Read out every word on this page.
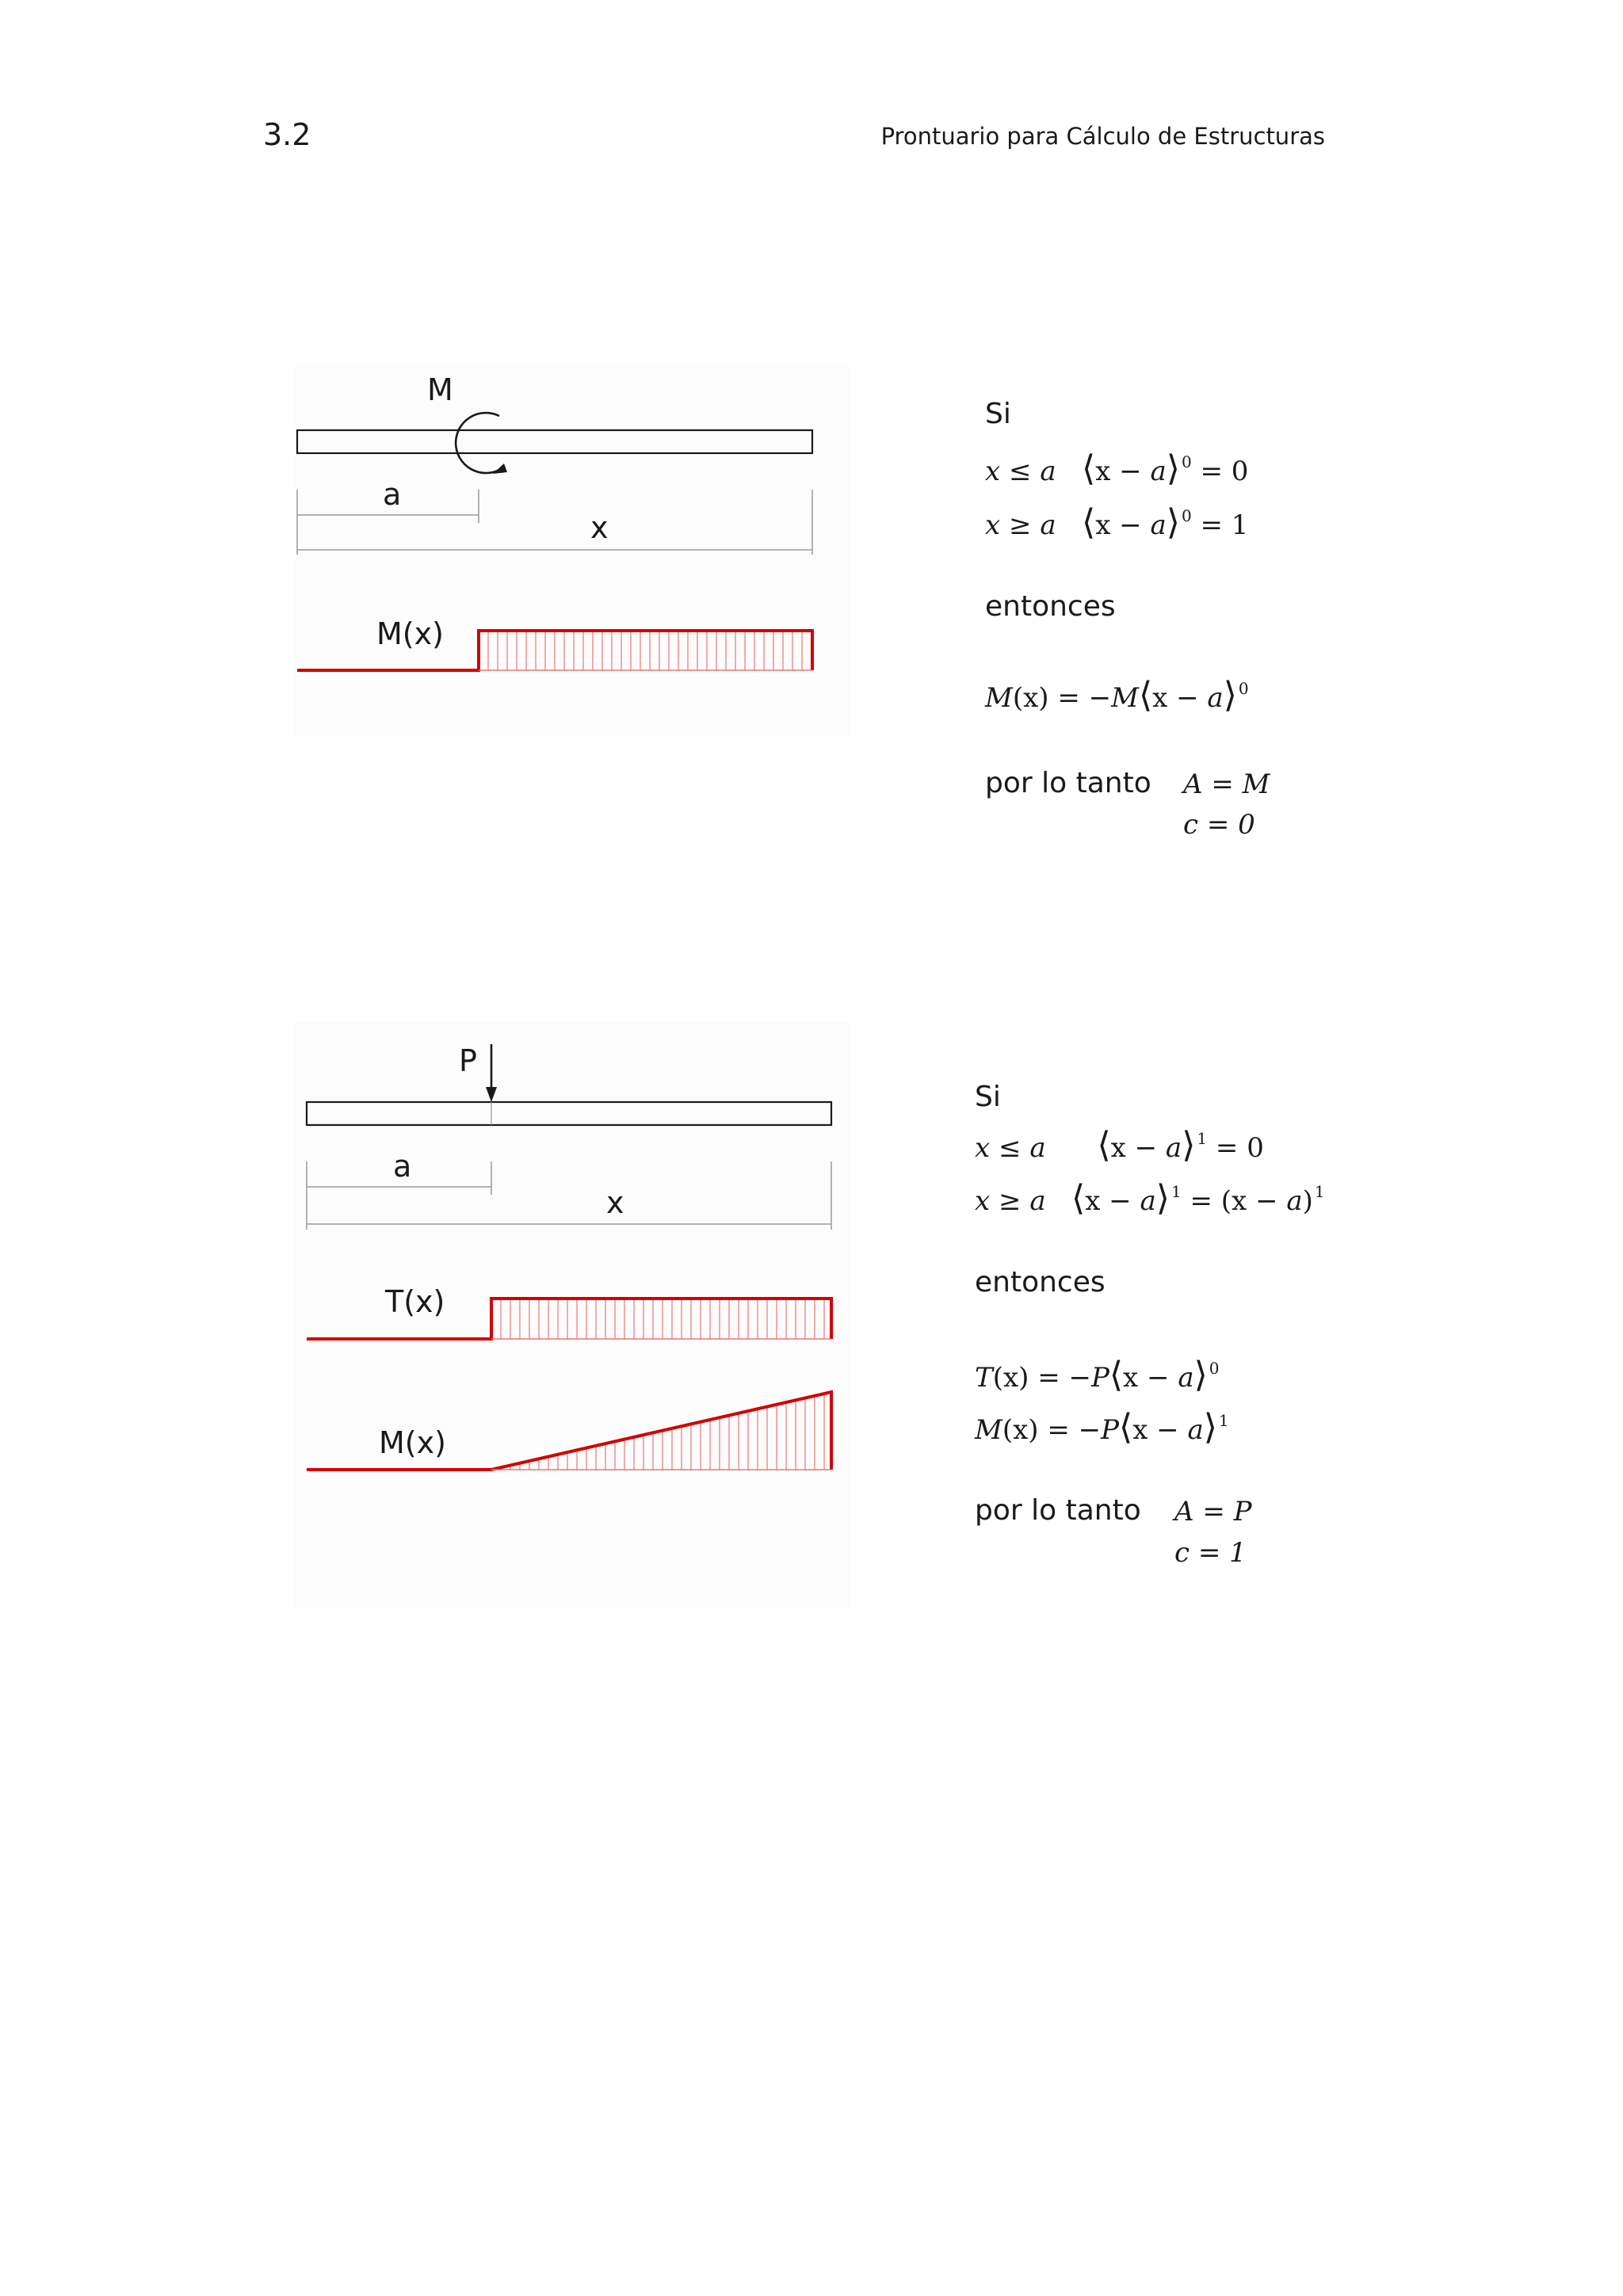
3.2	Prontuario para Cálculo de Estructuras
M
a
x
M(x)
Si
x ≤ a ⟨x − a⟩ $^0$ = 0
x ≥ a ⟨x − a⟩ $^0$ = 1
entonces
M(x) = −M⟨x − a⟩ $^0$
por lo tanto A = M
c = 0
P
a
x
T(x)
M(x)
Si
x ≤ a ⟨x − a⟩ $^1$ = 0
x ≥ a ⟨x − a⟩ $^1$ = (x − a) $^1$
entonces
T(x) = −P⟨x − a⟩ $^0$
M(x) = −P⟨x − a⟩ $^1$
por lo tanto A = P
c = 1
